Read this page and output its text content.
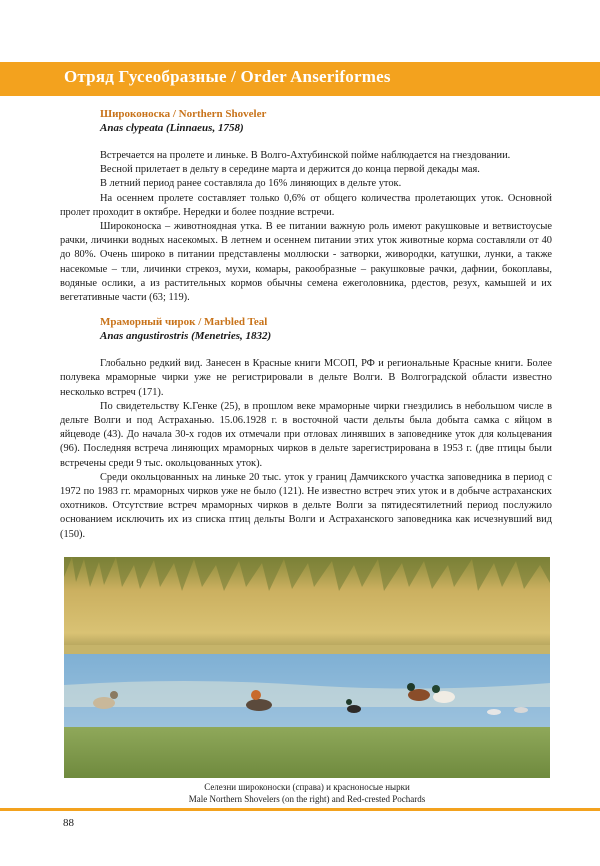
Отряд Гусеобразные / Order Anseriformes
Широконоска / Northern Shoveler
Anas clypeata (Linnaeus, 1758)

Встречается на пролете и линьке. В Волго-Ахтубинской пойме наблюдается на гнездовании.

Весной прилетает в дельту в середине марта и держится до конца первой декады мая.

В летний период ранее составляла до 16% линяющих в дельте уток.

На осеннем пролете составляет только 0,6% от общего количества пролетающих уток. Основной пролет проходит в октябре. Нередки и более поздние встречи.

Широконоска – животноядная утка. В ее питании важную роль имеют ракушковые и ветвистоусые рачки, личинки водных насекомых. В летнем и осеннем питании этих уток животные корма составляли от 40 до 80%. Очень широко в питании представлены моллюски - затворки, живородки, катушки, лунки, а также насекомые – тли, личинки стрекоз, мухи, комары, ракообразные – ракушковые рачки, дафнии, бокоплавы, водяные ослики, а из растительных кормов обычны семена ежеголовника, рдестов, резух, камышей и их вегетативные части (63; 119).

Мраморный чирок / Marbled Teal
Anas angustirostris (Menetries, 1832)

Глобально редкий вид. Занесен в Красные книги МСОП, РФ и региональные Красные книги. Более полувека мраморные чирки уже не регистрировали в дельте Волги. В Волгоградской области известно несколько встреч (171).

По свидетельству К.Генке (25), в прошлом веке мраморные чирки гнездились в небольшом числе в дельте Волги и под Астраханью. 15.06.1928 г. в восточной части дельты была добыта самка с яйцом в яйцеводе (43). До начала 30-х годов их отмечали при отловах линявших в заповеднике уток для кольцевания (96). Последняя встреча линяющих мраморных чирков в дельте зарегистрирована в 1953 г. (две птицы были встречены среди 9 тыс. окольцованных уток).

Среди окольцованных на линьке 20 тыс. уток у границ Дамчикского участка заповедника в период с 1972 по 1983 гг. мраморных чирков уже не было (121). Не известно встреч этих уток и в добыче астраханских охотников. Отсутствие встреч мраморных чирков в дельте Волги за пятидесятилетний период послужило основанием исключить их из списка птиц дельты Волги и Астраханского заповедника как исчезнувший вид (150).

Селезни широконоски (справа) и красноносые нырки
Male Northern Shovelers (on the right) and Red-crested Pochards
88
